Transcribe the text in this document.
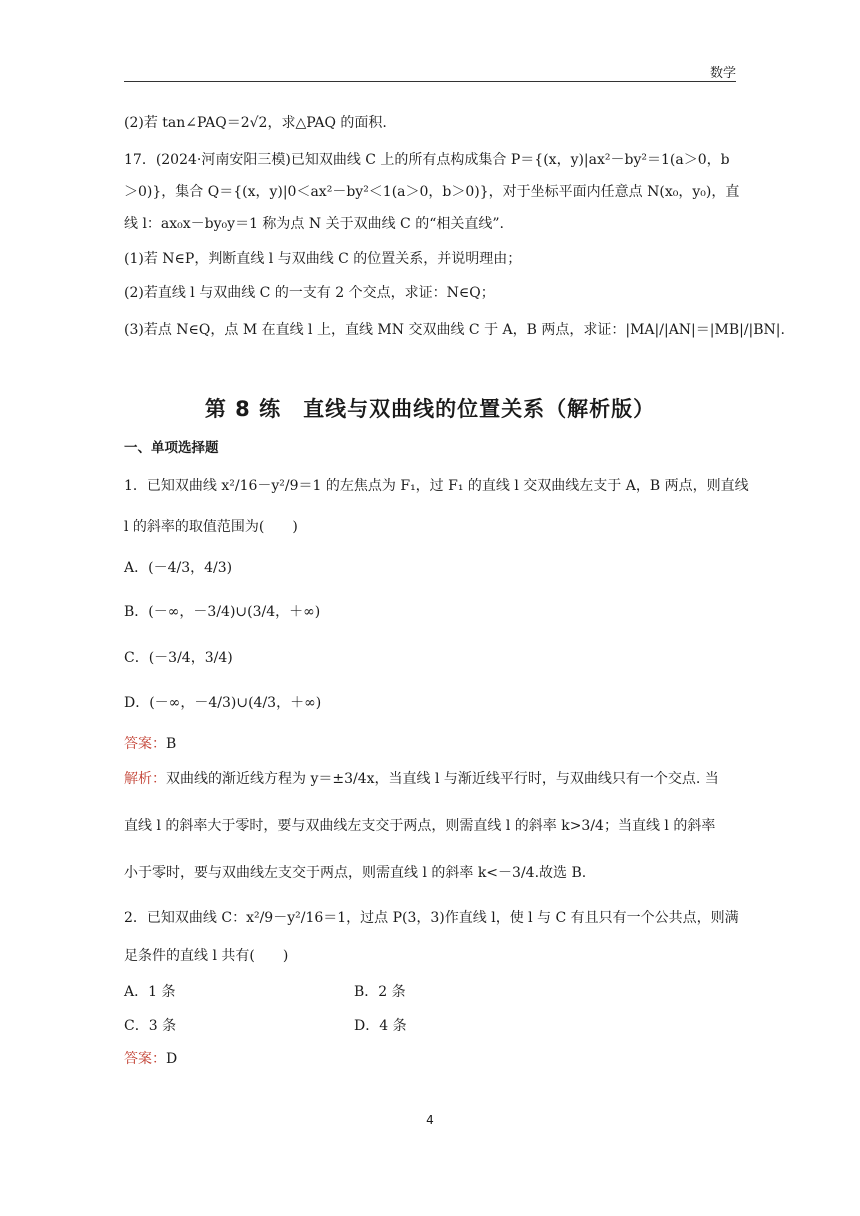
数学
(2)若 tan∠PAQ＝2√2，求△PAQ 的面积.
17．(2024·河南安阳三模)已知双曲线 C 上的所有点构成集合 P＝{(x，y)|ax²－by²＝1(a＞0，b
＞0)}，集合 Q＝{(x，y)|0＜ax²－by²＜1(a＞0，b＞0)}，对于坐标平面内任意点 N(x₀，y₀)，直
线 l：ax₀x－by₀y＝1 称为点 N 关于双曲线 C 的“相关直线”.
(1)若 N∈P，判断直线 l 与双曲线 C 的位置关系，并说明理由；
(2)若直线 l 与双曲线 C 的一支有 2 个交点，求证：N∈Q；
(3)若点 N∈Q，点 M 在直线 l 上，直线 MN 交双曲线 C 于 A，B 两点，求证：|MA|/|AN|＝|MB|/|BN|.
第 8 练　直线与双曲线的位置关系（解析版）
一、单项选择题
1．已知双曲线 x²/16－y²/9＝1 的左焦点为 F₁，过 F₁ 的直线 l 交双曲线左支于 A，B 两点，则直线
l 的斜率的取值范围为(　　)
A．(－4/3，4/3)
B．(－∞，－3/4)∪(3/4，＋∞)
C．(－3/4，3/4)
D．(－∞，－4/3)∪(4/3，＋∞)
答案：B
解析：双曲线的渐近线方程为 y＝±3/4x，当直线 l 与渐近线平行时，与双曲线只有一个交点. 当
直线 l 的斜率大于零时，要与双曲线左支交于两点，则需直线 l 的斜率 k>3/4；当直线 l 的斜率
小于零时，要与双曲线左支交于两点，则需直线 l 的斜率 k<－3/4.故选 B.
2．已知双曲线 C：x²/9－y²/16＝1，过点 P(3，3)作直线 l，使 l 与 C 有且只有一个公共点，则满
足条件的直线 l 共有(　　)
A．1 条	B．2 条
C．3 条	D．4 条
答案：D
4
